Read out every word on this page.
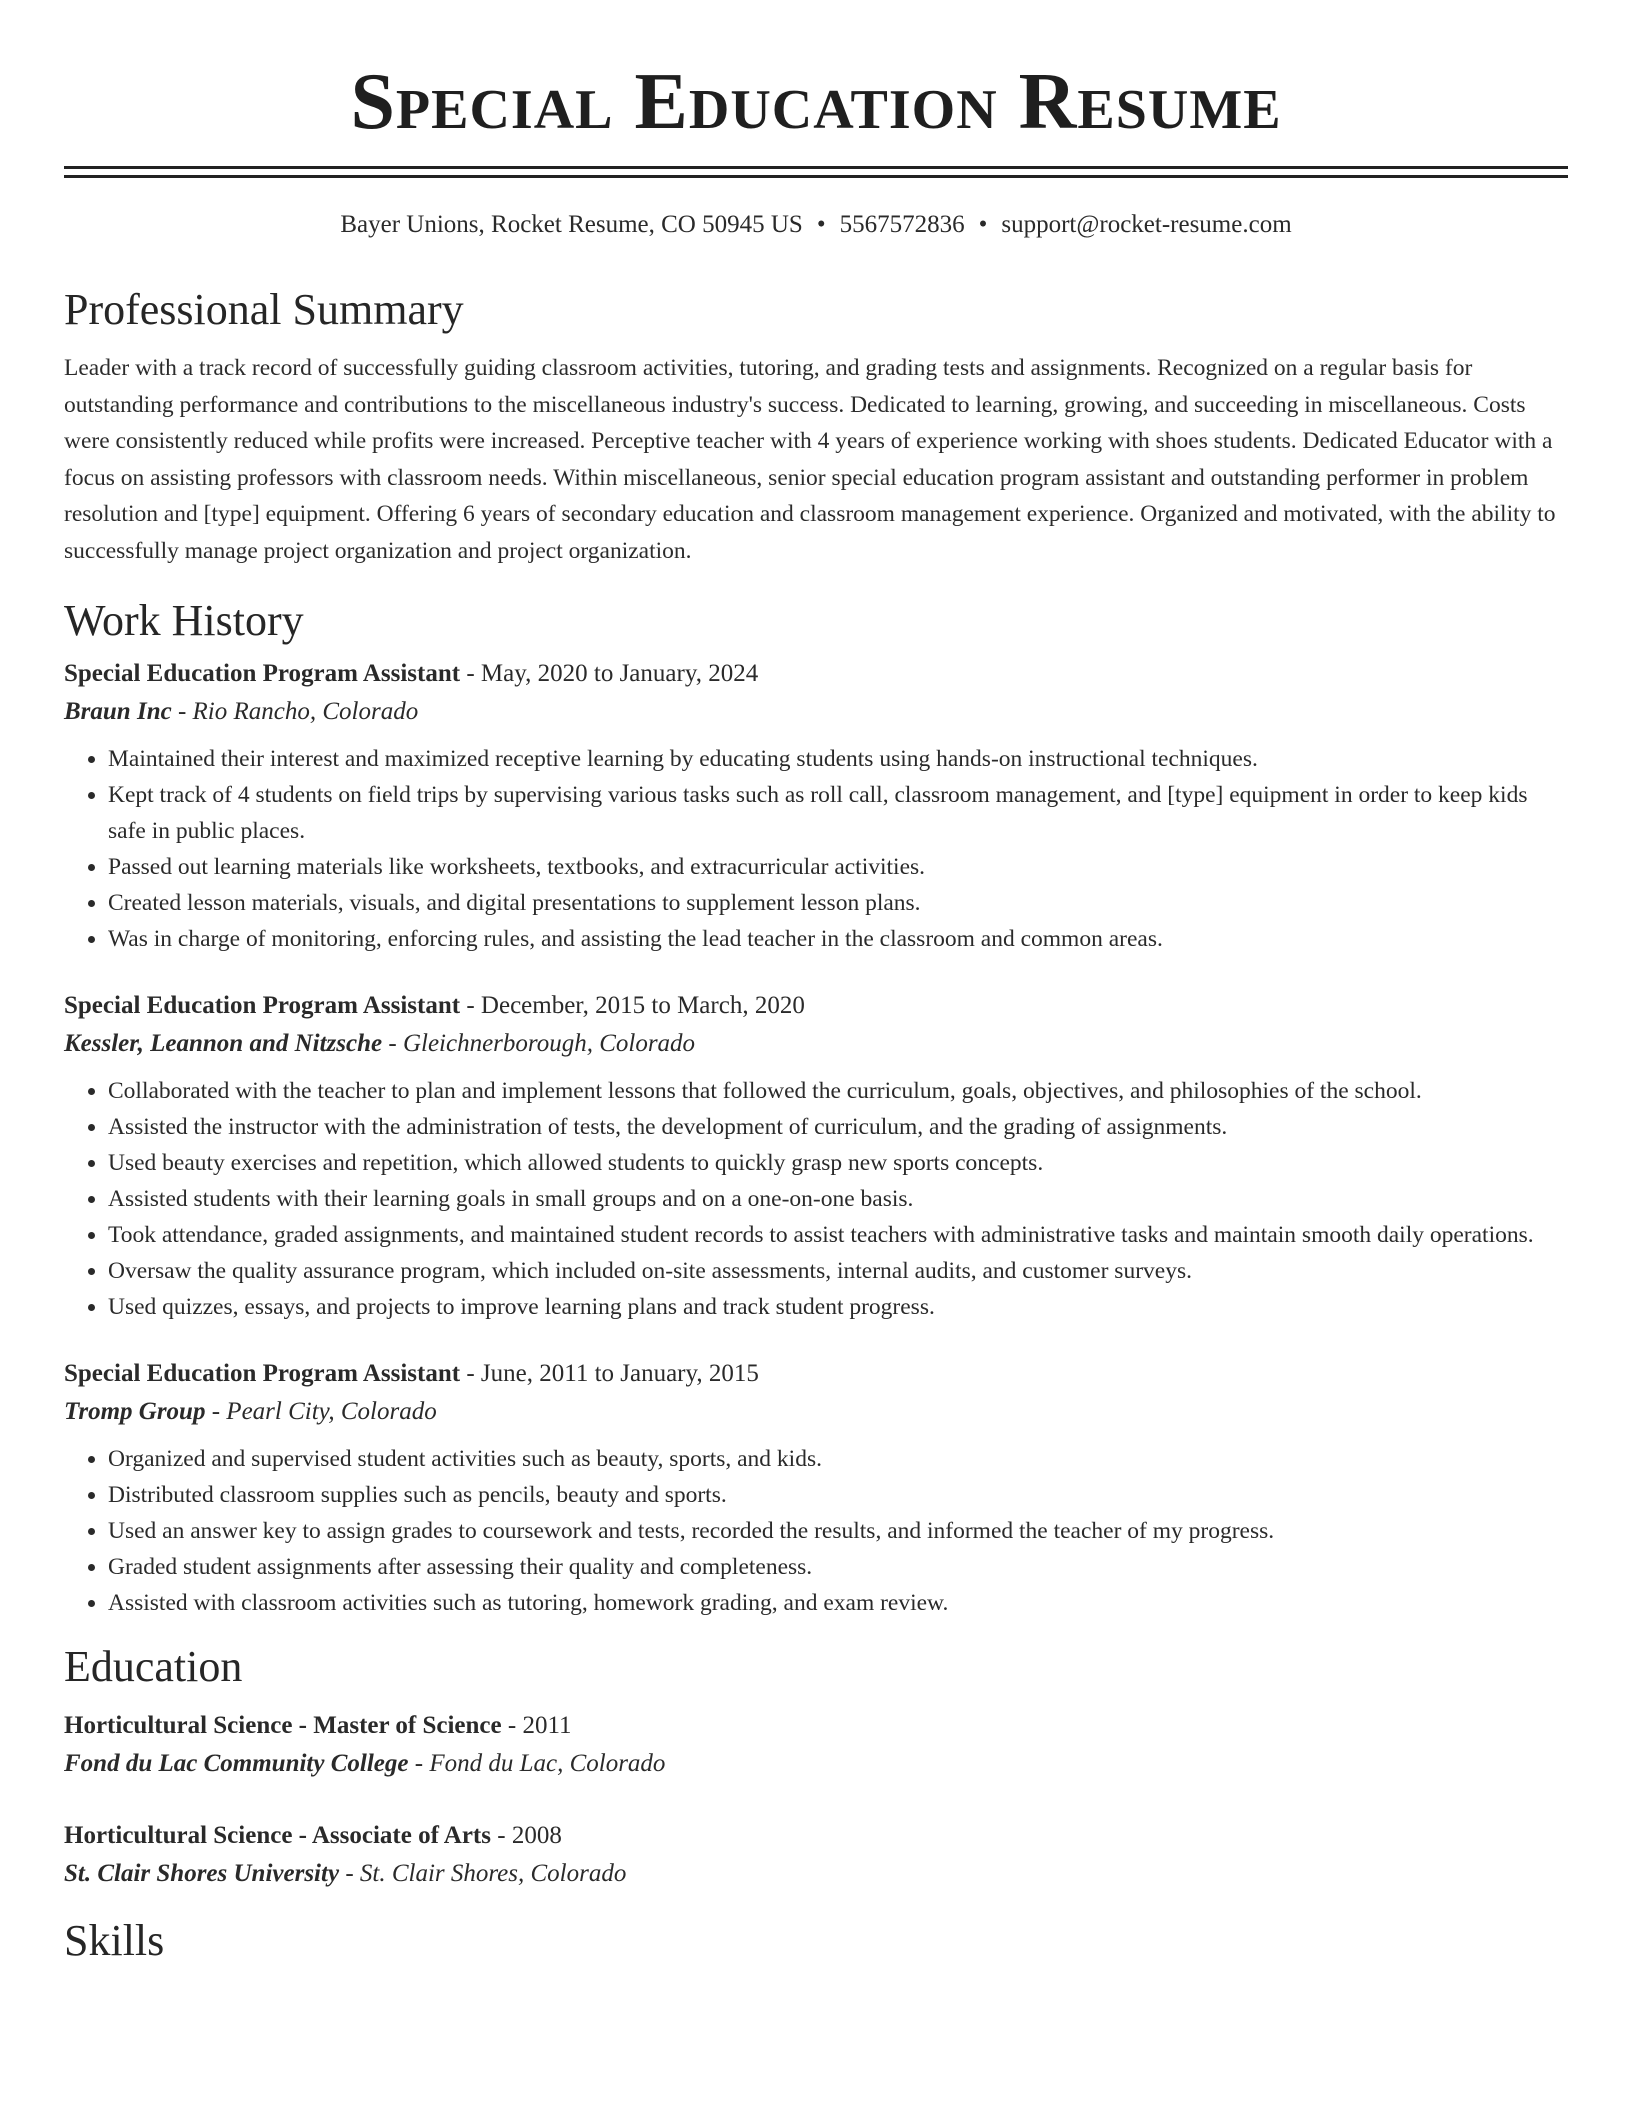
Special Education Resume
Bayer Unions, Rocket Resume, CO 50945 US • 5567572836 • support@rocket-resume.com
Professional Summary
Leader with a track record of successfully guiding classroom activities, tutoring, and grading tests and assignments. Recognized on a regular basis for outstanding performance and contributions to the miscellaneous industry's success. Dedicated to learning, growing, and succeeding in miscellaneous. Costs were consistently reduced while profits were increased. Perceptive teacher with 4 years of experience working with shoes students. Dedicated Educator with a focus on assisting professors with classroom needs. Within miscellaneous, senior special education program assistant and outstanding performer in problem resolution and [type] equipment. Offering 6 years of secondary education and classroom management experience. Organized and motivated, with the ability to successfully manage project organization and project organization.
Work History
Special Education Program Assistant - May, 2020 to January, 2024
Braun Inc - Rio Rancho, Colorado
• Maintained their interest and maximized receptive learning by educating students using hands-on instructional techniques.
• Kept track of 4 students on field trips by supervising various tasks such as roll call, classroom management, and [type] equipment in order to keep kids safe in public places.
• Passed out learning materials like worksheets, textbooks, and extracurricular activities.
• Created lesson materials, visuals, and digital presentations to supplement lesson plans.
• Was in charge of monitoring, enforcing rules, and assisting the lead teacher in the classroom and common areas.
Special Education Program Assistant - December, 2015 to March, 2020
Kessler, Leannon and Nitzsche - Gleichnerborough, Colorado
• Collaborated with the teacher to plan and implement lessons that followed the curriculum, goals, objectives, and philosophies of the school.
• Assisted the instructor with the administration of tests, the development of curriculum, and the grading of assignments.
• Used beauty exercises and repetition, which allowed students to quickly grasp new sports concepts.
• Assisted students with their learning goals in small groups and on a one-on-one basis.
• Took attendance, graded assignments, and maintained student records to assist teachers with administrative tasks and maintain smooth daily operations.
• Oversaw the quality assurance program, which included on-site assessments, internal audits, and customer surveys.
• Used quizzes, essays, and projects to improve learning plans and track student progress.
Special Education Program Assistant - June, 2011 to January, 2015
Tromp Group - Pearl City, Colorado
• Organized and supervised student activities such as beauty, sports, and kids.
• Distributed classroom supplies such as pencils, beauty and sports.
• Used an answer key to assign grades to coursework and tests, recorded the results, and informed the teacher of my progress.
• Graded student assignments after assessing their quality and completeness.
• Assisted with classroom activities such as tutoring, homework grading, and exam review.
Education
Horticultural Science - Master of Science - 2011
Fond du Lac Community College - Fond du Lac, Colorado
Horticultural Science - Associate of Arts - 2008
St. Clair Shores University - St. Clair Shores, Colorado
Skills
